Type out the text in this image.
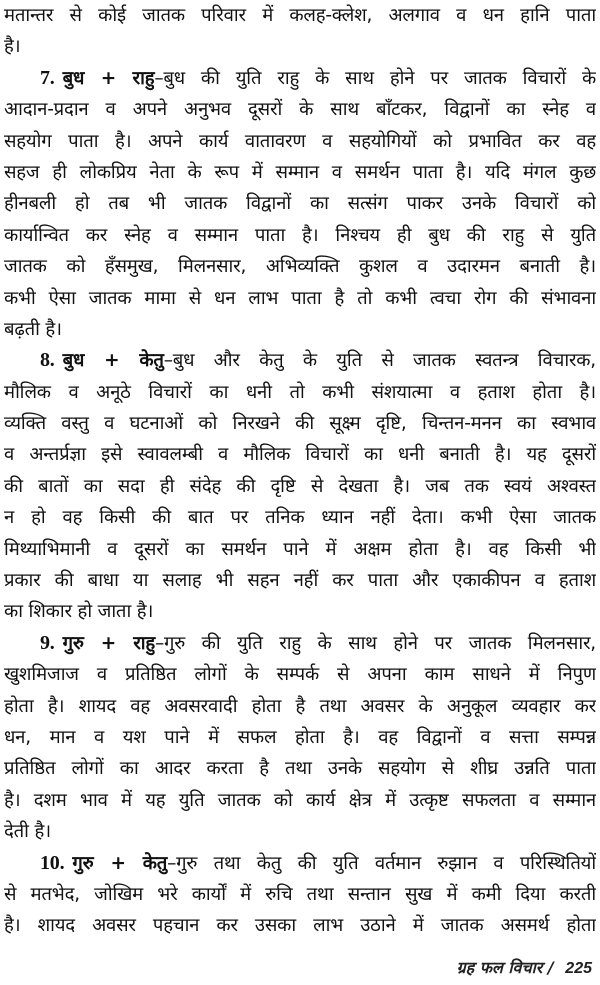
मतान्तर से कोई जातक परिवार में कलह-क्लेश, अलगाव व धन हानि पाता
है।
7. बुध + राहु–बुध की युति राहु के साथ होने पर जातक विचारों के
आदान-प्रदान व अपने अनुभव दूसरों के साथ बाँटकर, विद्वानों का स्नेह व
सहयोग पाता है। अपने कार्य वातावरण व सहयोगियों को प्रभावित कर वह
सहज ही लोकप्रिय नेता के रूप में सम्मान व समर्थन पाता है। यदि मंगल कुछ
हीनबली हो तब भी जातक विद्वानों का सत्संग पाकर उनके विचारों को
कार्यान्वित कर स्नेह व सम्मान पाता है। निश्चय ही बुध की राहु से युति
जातक को हँसमुख, मिलनसार, अभिव्यक्ति कुशल व उदारमन बनाती है।
कभी ऐसा जातक मामा से धन लाभ पाता है तो कभी त्वचा रोग की संभावना
बढ़ती है।
8. बुध + केतु–बुध और केतु के युति से जातक स्वतन्त्र विचारक,
मौलिक व अनूठे विचारों का धनी तो कभी संशयात्मा व हताश होता है।
व्यक्ति वस्तु व घटनाओं को निरखने की सूक्ष्म दृष्टि, चिन्तन-मनन का स्वभाव
व अन्तर्प्रज्ञा इसे स्वावलम्बी व मौलिक विचारों का धनी बनाती है। यह दूसरों
की बातों का सदा ही संदेह की दृष्टि से देखता है। जब तक स्वयं अश्वस्त
न हो वह किसी की बात पर तनिक ध्यान नहीं देता। कभी ऐसा जातक
मिथ्याभिमानी व दूसरों का समर्थन पाने में अक्षम होता है। वह किसी भी
प्रकार की बाधा या सलाह भी सहन नहीं कर पाता और एकाकीपन व हताश
का शिकार हो जाता है।
9. गुरु + राहु–गुरु की युति राहु के साथ होने पर जातक मिलनसार,
खुशमिजाज व प्रतिष्ठित लोगों के सम्पर्क से अपना काम साधने में निपुण
होता है। शायद वह अवसरवादी होता है तथा अवसर के अनुकूल व्यवहार कर
धन, मान व यश पाने में सफल होता है। वह विद्वानों व सत्ता सम्पन्न
प्रतिष्ठित लोगों का आदर करता है तथा उनके सहयोग से शीघ्र उन्नति पाता
है। दशम भाव में यह युति जातक को कार्य क्षेत्र में उत्कृष्ट सफलता व सम्मान
देती है।
10. गुरु + केतु–गुरु तथा केतु की युति वर्तमान रुझान व परिस्थितियों
से मतभेद, जोखिम भरे कार्यों में रुचि तथा सन्तान सुख में कमी दिया करती
है। शायद अवसर पहचान कर उसका लाभ उठाने में जातक असमर्थ होता
ग्रह फल विचार / 225
